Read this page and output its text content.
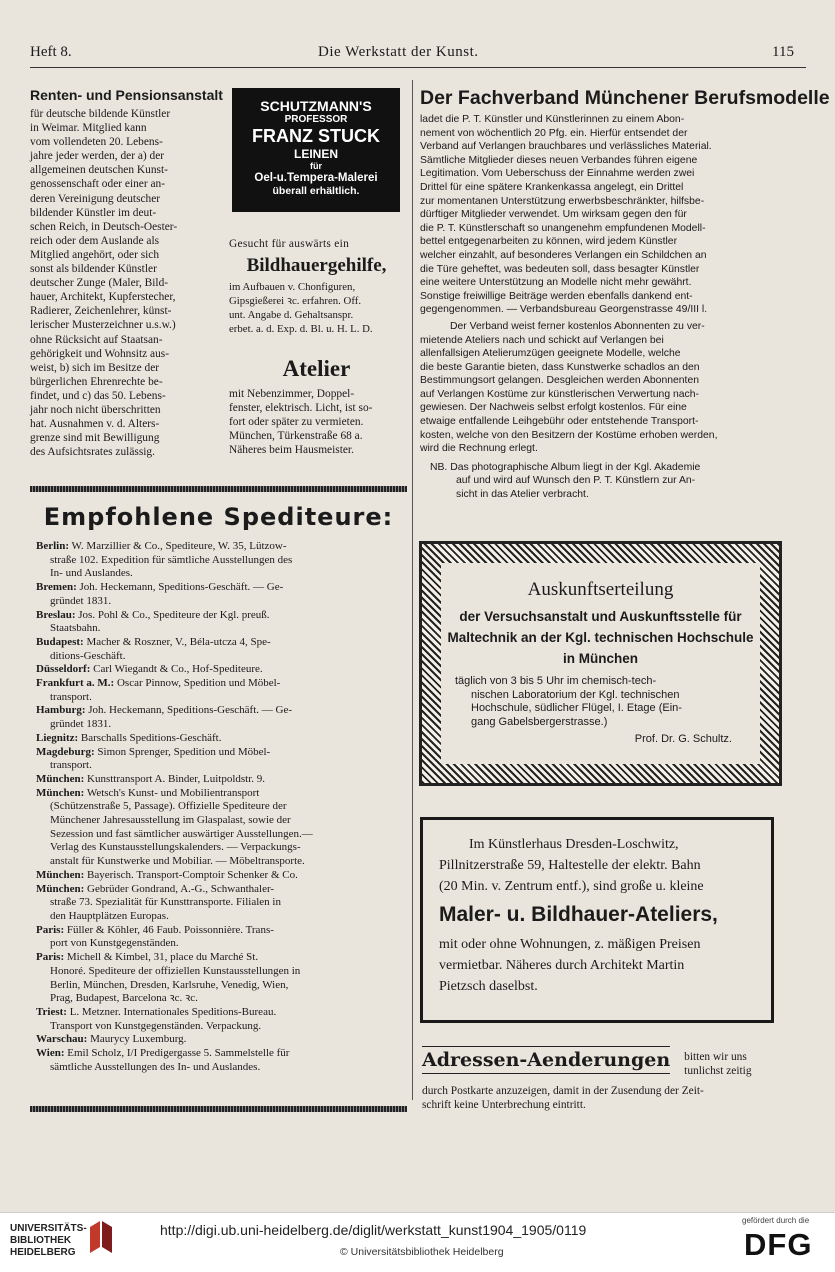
Heft 8.	Die Werkstatt der Kunst.	115
Renten- und Pensionsanstalt

für deutsche bildende Künstler

in Weimar. Mitglied kann

vom vollendeten 20. Lebens-

jahre jeder werden, der a) der

allgemeinen deutschen Kunst-

genossenschaft oder einer an-

deren Vereinigung deutscher

bildender Künstler im deut-

schen Reich, in Deutsch-Oester-

reich oder dem Auslande als

Mitglied angehört, oder sich

sonst als bildender Künstler

deutscher Zunge (Maler, Bild-

hauer, Architekt, Kupferstecher,

Radierer, Zeichenlehrer, künst-

lerischer Musterzeichner u.s.w.)

ohne Rücksicht auf Staatsan-

gehörigkeit und Wohnsitz aus-

weist, b) sich im Besitze der

bürgerlichen Ehrenrechte be-

findet, und c) das 50. Lebens-

jahr noch nicht überschritten

hat. Ausnahmen v. d. Alters-

grenze sind mit Bewilligung

des Aufsichtsrates zulässig.

SCHUTZMANN'S
PROFESSOR
FRANZ STUCK
LEINEN
für
Oel-u.Tempera-Malerei
überall erhältlich.

Gesucht für auswärts ein

Bildhauergehilfe,

im Aufbauen v. Chonfiguren,

Gipsgießerei ꝛc. erfahren. Off.

unt. Angabe d. Gehaltsanspr.

erbet. a. d. Exp. d. Bl. u. H. L. D.

Atelier

mit Nebenzimmer, Doppel-

fenster, elektrisch. Licht, ist so-

fort oder später zu vermieten.

München, Türkenstraße 68 a.

Näheres beim Hausmeister.

Der Fachverband Münchener Berufsmodelle

ladet die P. T. Künstler und Künstlerinnen zu einem Abon-

nement von wöchentlich 20 Pfg. ein. Hierfür entsendet der

Verband auf Verlangen brauchbares und verlässliches Material.

Sämtliche Mitglieder dieses neuen Verbandes führen eigene

Legitimation. Vom Ueberschuss der Einnahme werden zwei

Drittel für eine spätere Krankenkassa angelegt, ein Drittel

zur momentanen Unterstützung erwerbsbeschränkter, hilfsbe-

dürftiger Mitglieder verwendet. Um wirksam gegen den für

die P. T. Künstlerschaft so unangenehm empfundenen Modell-

bettel entgegenarbeiten zu können, wird jedem Künstler

welcher einzahlt, auf besonderes Verlangen ein Schildchen an

die Türe geheftet, was bedeuten soll, dass besagter Künstler

eine weitere Unterstützung an Modelle nicht mehr gewährt.

Sonstige freiwillige Beiträge werden ebenfalls dankend ent-

gegengenommen. — Verbandsbureau Georgenstrasse 49/III l.

Der Verband weist ferner kostenlos Abonnenten zu ver-

mietende Ateliers nach und schickt auf Verlangen bei

allenfallsigen Atelierumzügen geeignete Modelle, welche

die beste Garantie bieten, dass Kunstwerke schadlos an den

Bestimmungsort gelangen. Desgleichen werden Abonnenten

auf Verlangen Kostüme zur künstlerischen Verwertung nach-

gewiesen. Der Nachweis selbst erfolgt kostenlos. Für eine

etwaige entfallende Leihgebühr oder entstehende Transport-

kosten, welche von den Besitzern der Kostüme erhoben werden,

wird die Rechnung erlegt.

NB. Das photographische Album liegt in der Kgl. Akademie

auf und wird auf Wunsch den P. T. Künstlern zur An-

sicht in das Atelier verbracht.

Empfohlene Spediteure:

Berlin: W. Marzillier & Co., Spediteure, W. 35, Lützow-

straße 102. Expedition für sämtliche Ausstellungen des

In- und Auslandes.

Bremen: Joh. Heckemann, Speditions-Geschäft. — Ge-

gründet 1831.

Breslau: Jos. Pohl & Co., Spediteure der Kgl. preuß.

Staatsbahn.

Budapest: Macher & Roszner, V., Béla-utcza 4, Spe-

ditions-Geschäft.

Düsseldorf: Carl Wiegandt & Co., Hof-Spediteure.

Frankfurt a. M.: Oscar Pinnow, Spedition und Möbel-

transport.

Hamburg: Joh. Heckemann, Speditions-Geschäft. — Ge-

gründet 1831.

Liegnitz: Barschalls Speditions-Geschäft.

Magdeburg: Simon Sprenger, Spedition und Möbel-

transport.

München: Kunsttransport A. Binder, Luitpoldstr. 9.

München: Wetsch's Kunst- und Mobilientransport

(Schützenstraße 5, Passage). Offizielle Spediteure der

Münchener Jahresausstellung im Glaspalast, sowie der

Sezession und fast sämtlicher auswärtiger Ausstellungen.—

Verlag des Kunstausstellungskalenders. — Verpackungs-

anstalt für Kunstwerke und Mobiliar. — Möbeltransporte.

München: Bayerisch. Transport-Comptoir Schenker & Co.

München: Gebrüder Gondrand, A.-G., Schwanthaler-

straße 73. Spezialität für Kunsttransporte. Filialen in

den Hauptplätzen Europas.

Paris: Füller & Köhler, 46 Faub. Poissonnière. Trans-

port von Kunstgegenständen.

Paris: Michell & Kimbel, 31, place du Marché St.

Honoré. Spediteure der offiziellen Kunstausstellungen in

Berlin, München, Dresden, Karlsruhe, Venedig, Wien,

Prag, Budapest, Barcelona ꝛc. ꝛc.

Triest: L. Metzner. Internationales Speditions-Bureau.

Transport von Kunstgegenständen. Verpackung.

Warschau: Maurycy Luxemburg.

Wien: Emil Scholz, I/I Predigergasse 5. Sammelstelle für

sämtliche Ausstellungen des In- und Auslandes.

Auskunftserteilung

der Versuchsanstalt und Auskunftsstelle für

Maltechnik an der Kgl. technischen Hochschule

in München

täglich von 3 bis 5 Uhr im chemisch-tech-

nischen Laboratorium der Kgl. technischen

Hochschule, südlicher Flügel, I. Etage (Ein-

gang Gabelsbergerstrasse.)

Prof. Dr. G. Schultz.

Im Künstlerhaus Dresden-Loschwitz,

Pillnitzerstraße 59, Haltestelle der elektr. Bahn

(20 Min. v. Zentrum entf.), sind große u. kleine

Maler- u. Bildhauer-Ateliers,

mit oder ohne Wohnungen, z. mäßigen Preisen

vermietbar. Näheres durch Architekt Martin

Pietzsch daselbst.

Adressen-Aenderungen bitten wir uns

tunlichst zeitig

durch Postkarte anzuzeigen, damit in der Zusendung der Zeit-

schrift keine Unterbrechung eintritt.

UNIVERSITÄTS-
BIBLIOTHEK
HEIDELBERG
http://digi.ub.uni-heidelberg.de/diglit/werkstatt_kunst1904_1905/0119
© Universitätsbibliothek Heidelberg
gefördert durch die
DFG
